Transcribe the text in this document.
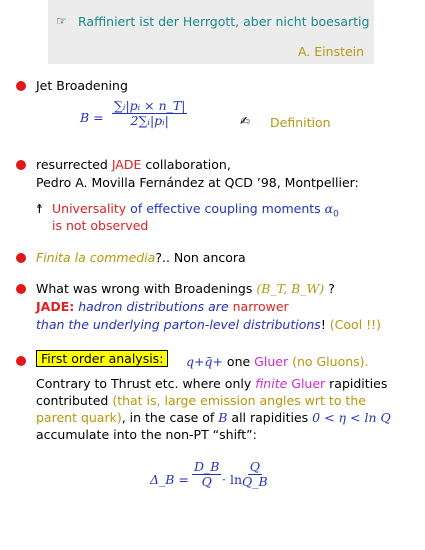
☞ Raffiniert ist der Herrgott, aber nicht boesartig
A. Einstein
Jet Broadening
$B = \frac{\text{∑ᵢ|pᵢ × n\_T|}}{\text{2∑ᵢ|pᵢ|}}$	✍ Definition
resurrected JADE collaboration,
Pedro A. Movilla Fernández at QCD ’98, Montpellier:
☨ Universality of effective coupling moments $\alpha_0$
is not observed
Finita la commedia?.. Non ancora
What was wrong with Broadenings (B_T, B_W) ?
JADE: hadron distributions are narrower
than the underlying parton-level distributions! (Cool !!)
First order analysis:	q+q̄+ one Gluer (no Gluons).
Contrary to Thrust etc. where only finite Gluer rapidities
contributed (that is, large emission angles wrt to the
parent quark), in the case of B all rapidities 0 < η < ln Q
accumulate into the non-PT “shift”:
Δ_B = $\frac{D\_B}{Q} \cdot \ln$
$\frac{Q}{Q\_B}$
